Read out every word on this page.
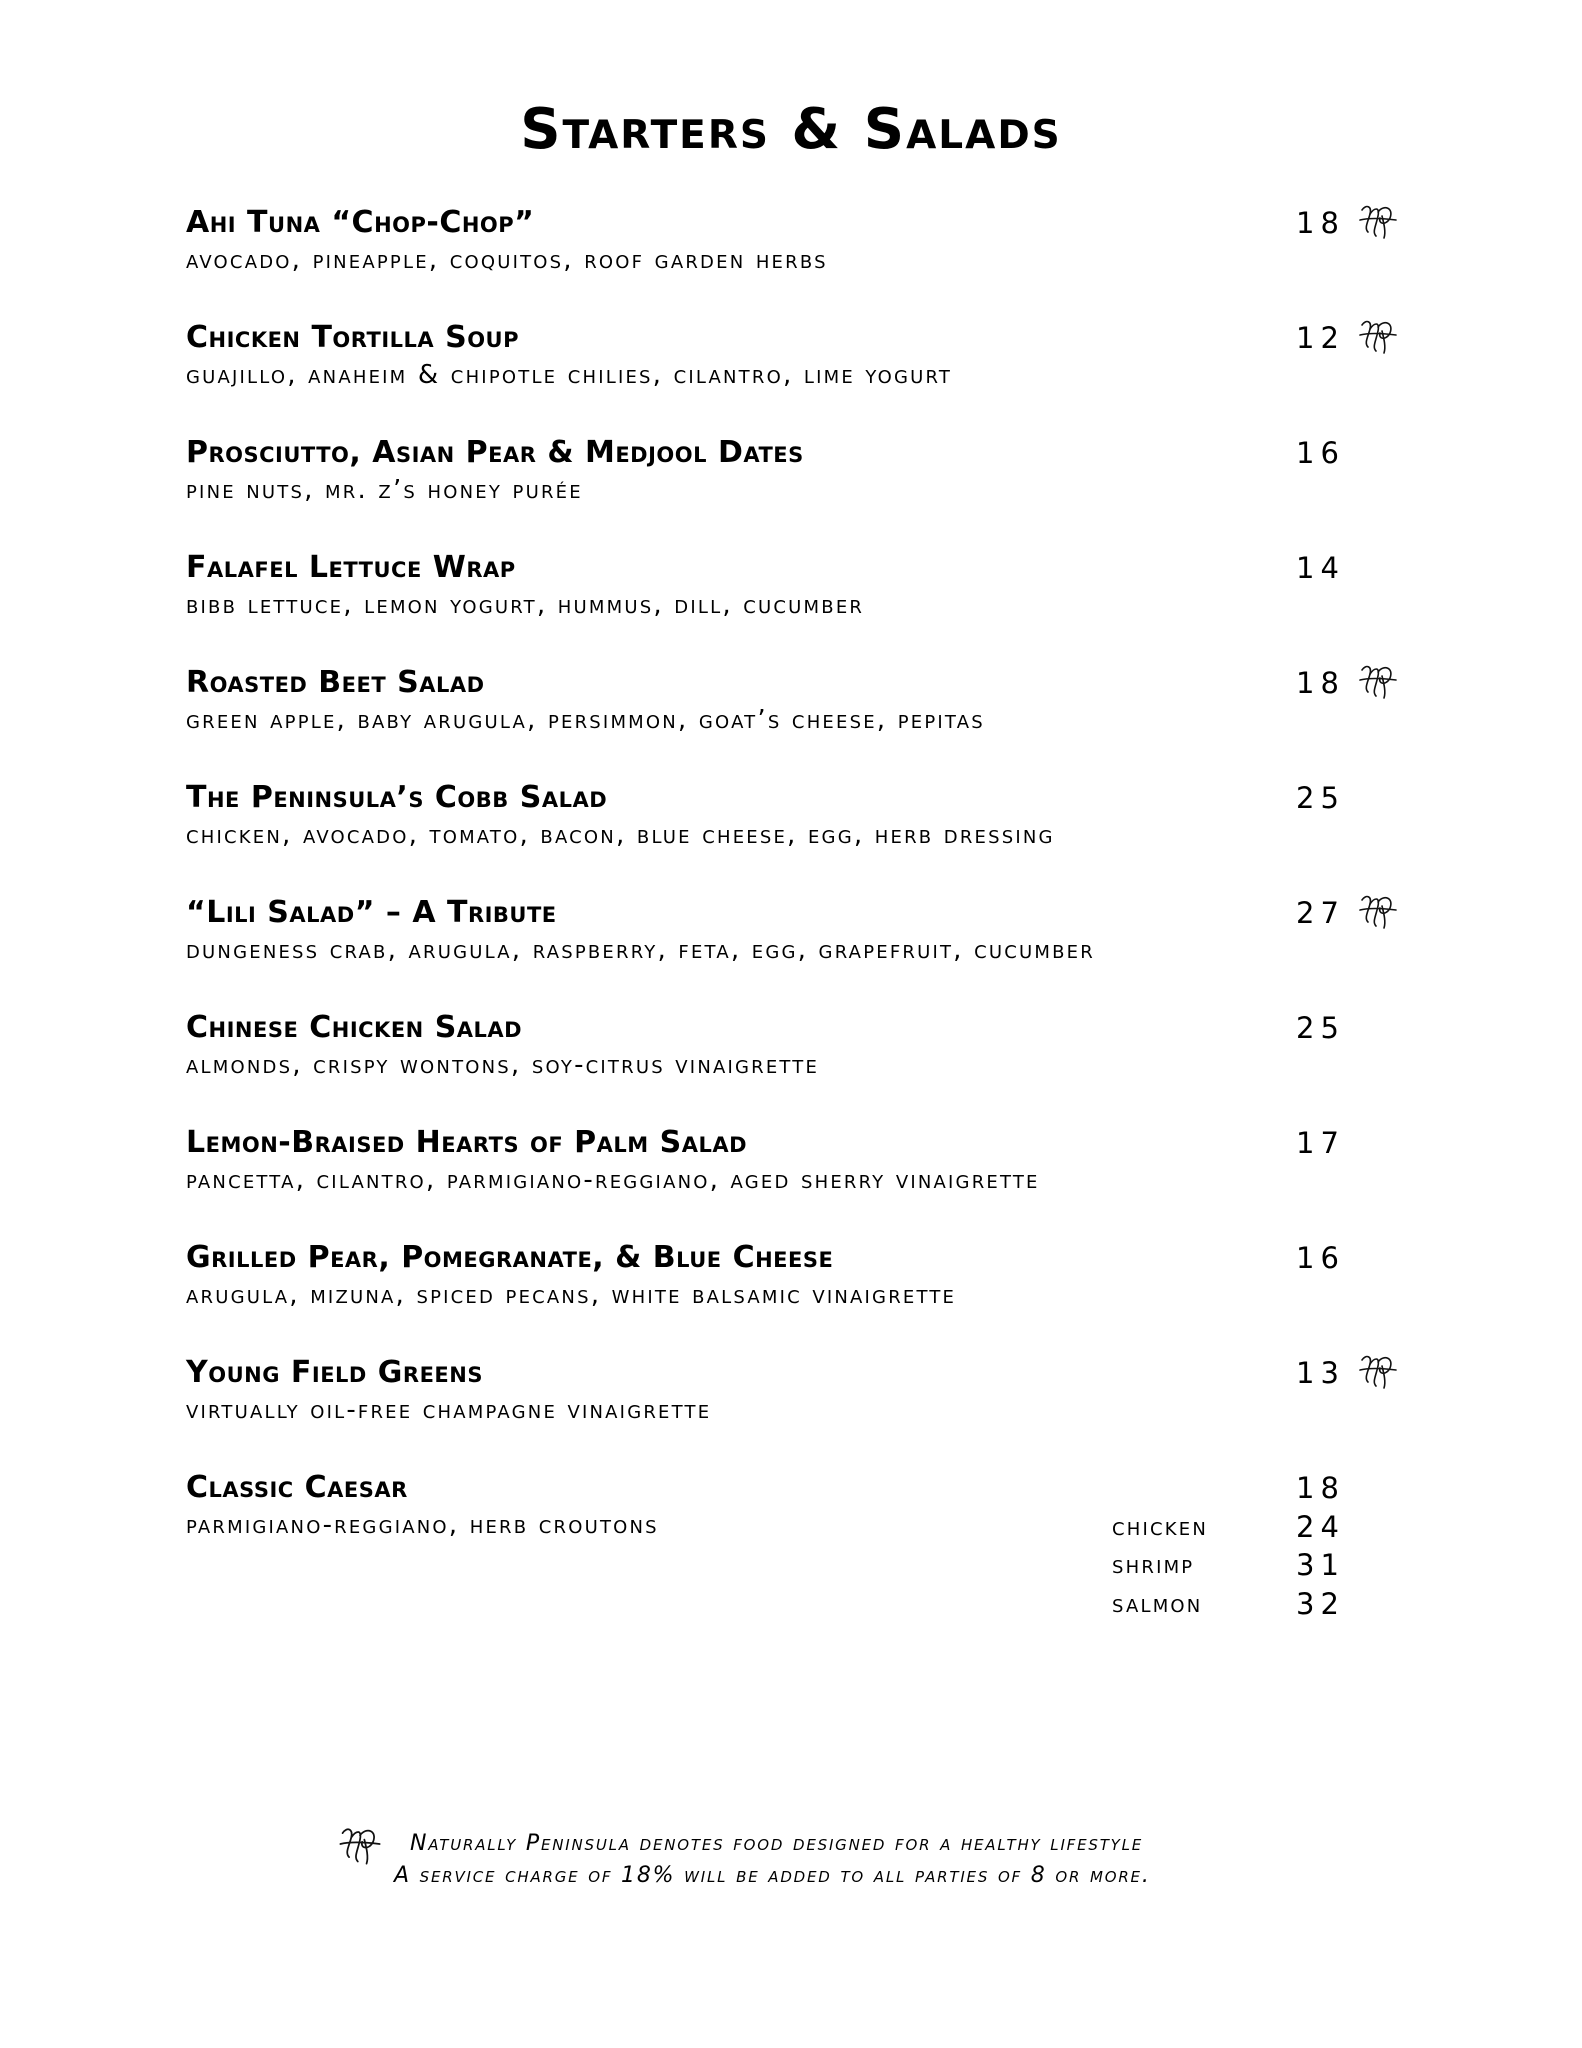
Starters & Salads
Ahi Tuna “Chop-Chop”	18
avocado, pineapple, coquitos, roof garden herbs
Chicken Tortilla Soup	12
guajillo, anaheim & chipotle chilies, cilantro, lime yogurt
Prosciutto, Asian Pear & Medjool Dates	16
pine nuts, mr. z’s honey purée
Falafel Lettuce Wrap	14
bibb lettuce, lemon yogurt, hummus, dill, cucumber
Roasted Beet Salad	18
green apple, baby arugula, persimmon, goat’s cheese, pepitas
The Peninsula’s Cobb Salad	25
chicken, avocado, tomato, bacon, blue cheese, egg, herb dressing
“Lili Salad” – A Tribute	27
dungeness crab, arugula, raspberry, feta, egg, grapefruit, cucumber
Chinese Chicken Salad	25
almonds, crispy wontons, soy-citrus vinaigrette
Lemon-Braised Hearts of Palm Salad	17
pancetta, cilantro, parmigiano-reggiano, aged sherry vinaigrette
Grilled Pear, Pomegranate, & Blue Cheese	16
arugula, mizuna, spiced pecans, white balsamic vinaigrette
Young Field Greens	13
virtually oil-free champagne vinaigrette
Classic Caesar	18
parmigiano-reggiano, herb croutons	chicken	24
shrimp	31
salmon	32
Naturally Peninsula denotes food designed for a healthy lifestyle
A service charge of 18% will be added to all parties of 8 or more.
